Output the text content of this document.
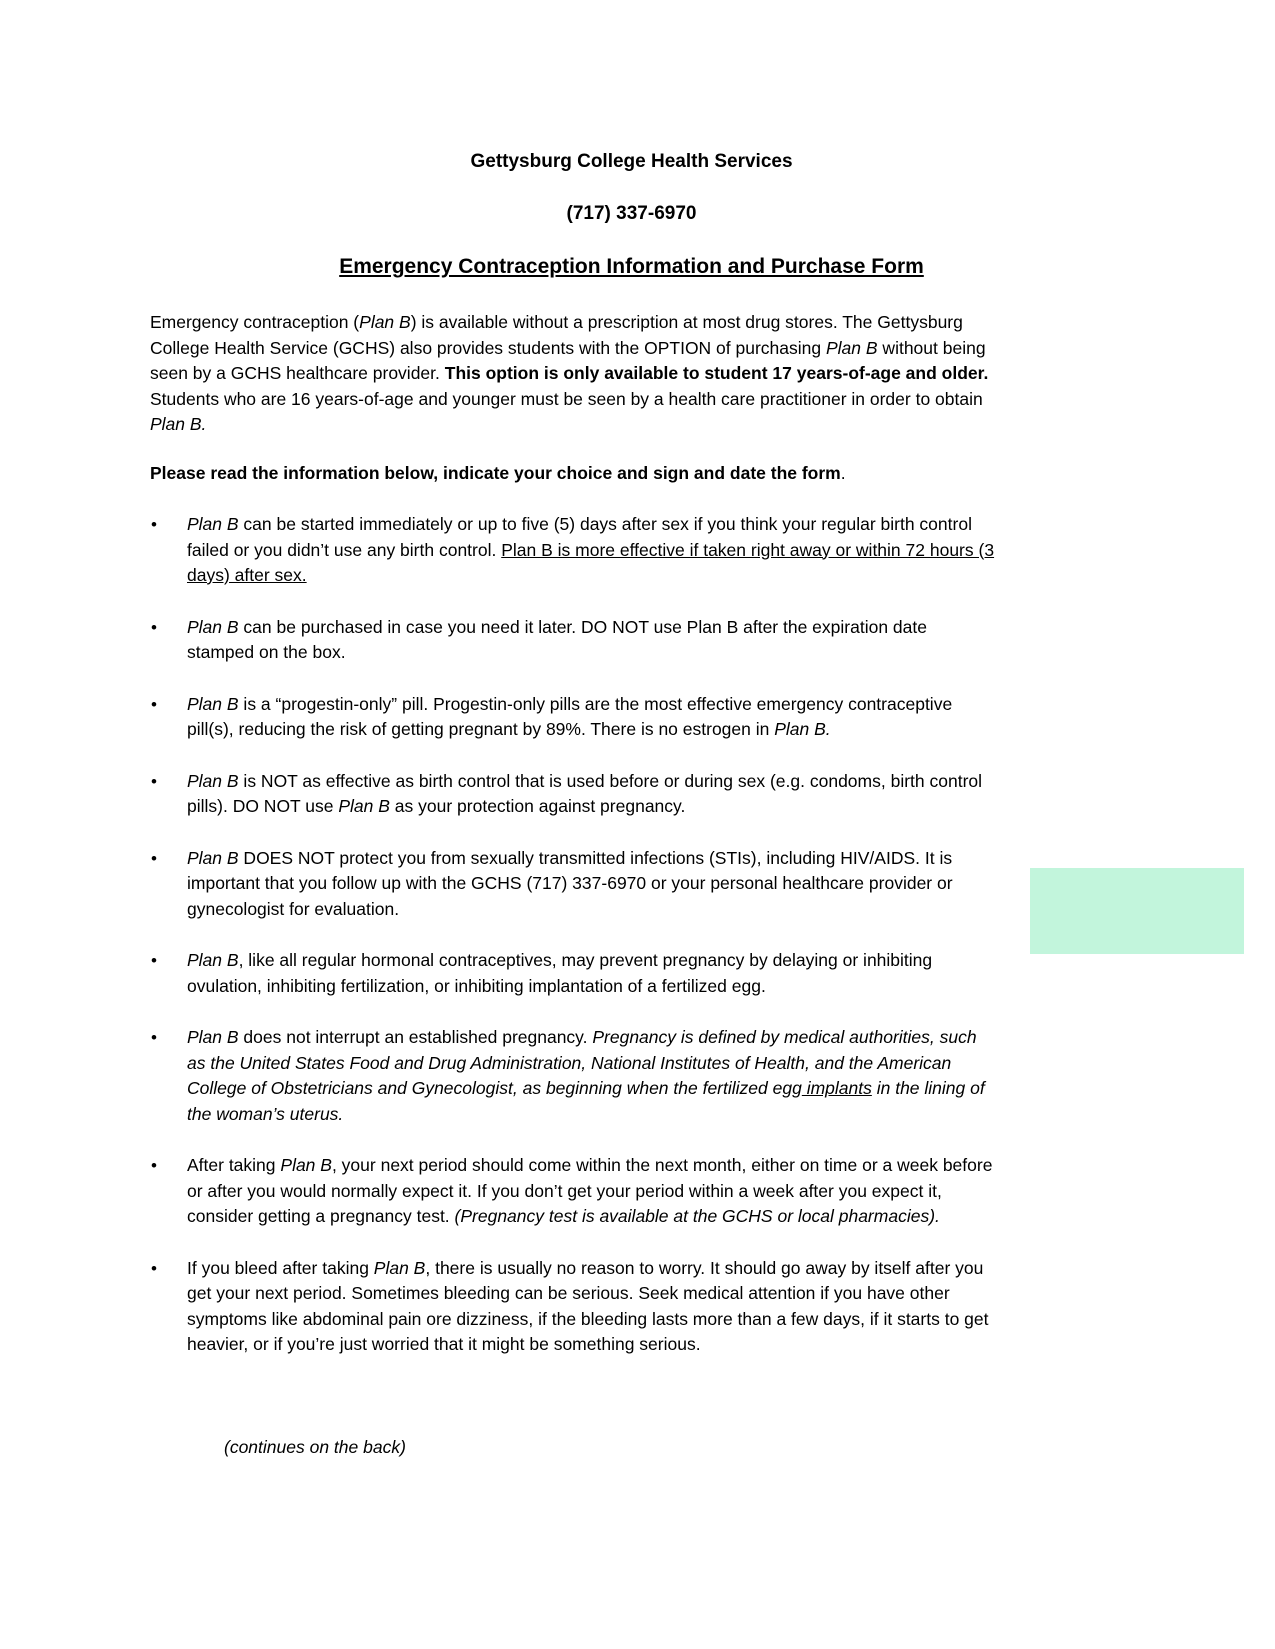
Gettysburg College Health Services
(717) 337-6970
Emergency Contraception Information and Purchase Form
Emergency contraception (Plan B) is available without a prescription at most drug stores. The Gettysburg College Health Service (GCHS) also provides students with the OPTION of purchasing Plan B without being seen by a GCHS healthcare provider. This option is only available to student 17 years-of-age and older. Students who are 16 years-of-age and younger must be seen by a health care practitioner in order to obtain Plan B.
Please read the information below, indicate your choice and sign and date the form.
•	Plan B can be started immediately or up to five (5) days after sex if you think your regular birth control failed or you didn’t use any birth control. Plan B is more effective if taken right away or within 72 hours (3 days) after sex.
•	Plan B can be purchased in case you need it later. DO NOT use Plan B after the expiration date stamped on the box.
•	Plan B is a “progestin-only” pill. Progestin-only pills are the most effective emergency contraceptive pill(s), reducing the risk of getting pregnant by 89%. There is no estrogen in Plan B.
•	Plan B is NOT as effective as birth control that is used before or during sex (e.g. condoms, birth control pills). DO NOT use Plan B as your protection against pregnancy.
•	Plan B DOES NOT protect you from sexually transmitted infections (STIs), including HIV/AIDS. It is important that you follow up with the GCHS (717) 337-6970 or your personal healthcare provider or gynecologist for evaluation.
•	Plan B, like all regular hormonal contraceptives, may prevent pregnancy by delaying or inhibiting ovulation, inhibiting fertilization, or inhibiting implantation of a fertilized egg.
•	Plan B does not interrupt an established pregnancy. Pregnancy is defined by medical authorities, such as the United States Food and Drug Administration, National Institutes of Health, and the American College of Obstetricians and Gynecologist, as beginning when the fertilized egg implants in the lining of the woman’s uterus.
•	After taking Plan B, your next period should come within the next month, either on time or a week before or after you would normally expect it. If you don’t get your period within a week after you expect it, consider getting a pregnancy test. (Pregnancy test is available at the GCHS or local pharmacies).
•	If you bleed after taking Plan B, there is usually no reason to worry. It should go away by itself after you get your next period. Sometimes bleeding can be serious. Seek medical attention if you have other symptoms like abdominal pain ore dizziness, if the bleeding lasts more than a few days, if it starts to get heavier, or if you’re just worried that it might be something serious.
(continues on the back)
